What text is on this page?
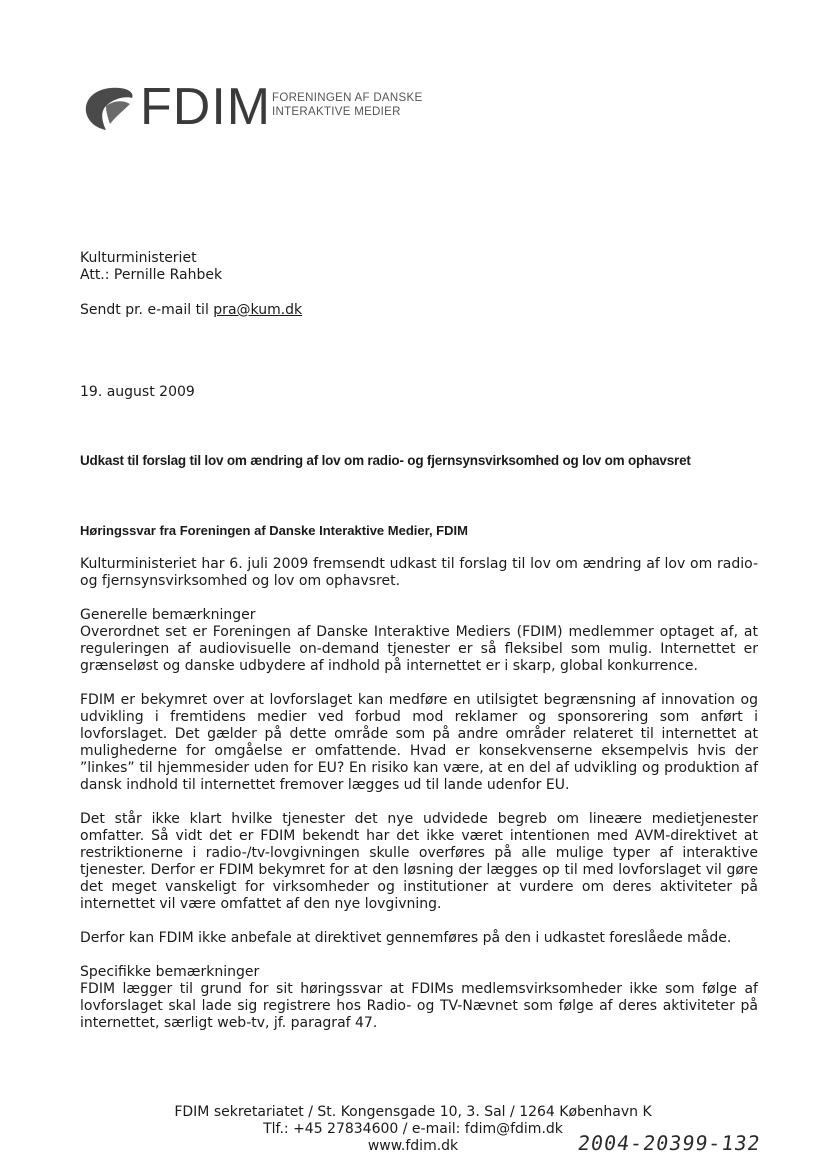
FDIM FORENINGEN AF DANSKE
INTERAKTIVE MEDIER
Kulturministeriet
Att.: Pernille Rahbek
Sendt pr. e-mail til pra@kum.dk
19. august 2009
Udkast til forslag til lov om ændring af lov om radio- og fjernsynsvirksomhed og lov om ophavsret
Høringssvar fra Foreningen af Danske Interaktive Medier, FDIM

Kulturministeriet har 6. juli 2009 fremsendt udkast til forslag til lov om ændring af lov om radio- og fjernsynsvirksomhed og lov om ophavsret.

Generelle bemærkninger

Overordnet set er Foreningen af Danske Interaktive Mediers (FDIM) medlemmer optaget af, at reguleringen af audiovisuelle on-demand tjenester er så fleksibel som mulig. Internettet er grænseløst og danske udbydere af indhold på internettet er i skarp, global konkurrence.

FDIM er bekymret over at lovforslaget kan medføre en utilsigtet begrænsning af innovation og udvikling i fremtidens medier ved forbud mod reklamer og sponsorering som anført i lovforslaget. Det gælder på dette område som på andre områder relateret til internettet at mulighederne for omgåelse er omfattende. Hvad er konsekvenserne eksempelvis hvis der ”linkes” til hjemmesider uden for EU? En risiko kan være, at en del af udvikling og produktion af dansk indhold til internettet fremover lægges ud til lande udenfor EU.

Det står ikke klart hvilke tjenester det nye udvidede begreb om lineære medietjenester omfatter. Så vidt det er FDIM bekendt har det ikke været intentionen med AVM-direktivet at restriktionerne i radio-/tv-lovgivningen skulle overføres på alle mulige typer af interaktive tjenester. Derfor er FDIM bekymret for at den løsning der lægges op til med lovforslaget vil gøre det meget vanskeligt for virksomheder og institutioner at vurdere om deres aktiviteter på internettet vil være omfattet af den nye lovgivning.

Derfor kan FDIM ikke anbefale at direktivet gennemføres på den i udkastet foreslåede måde.

Specifikke bemærkninger

FDIM lægger til grund for sit høringssvar at FDIMs medlemsvirksomheder ikke som følge af lovforslaget skal lade sig registrere hos Radio- og TV-Nævnet som følge af deres aktiviteter på internettet, særligt web-tv, jf. paragraf 47.

FDIM sekretariatet / St. Kongensgade 10, 3. Sal / 1264 København K
Tlf.: +45 27834600 / e-mail: fdim@fdim.dk
www.fdim.dk	2004-20399-132
